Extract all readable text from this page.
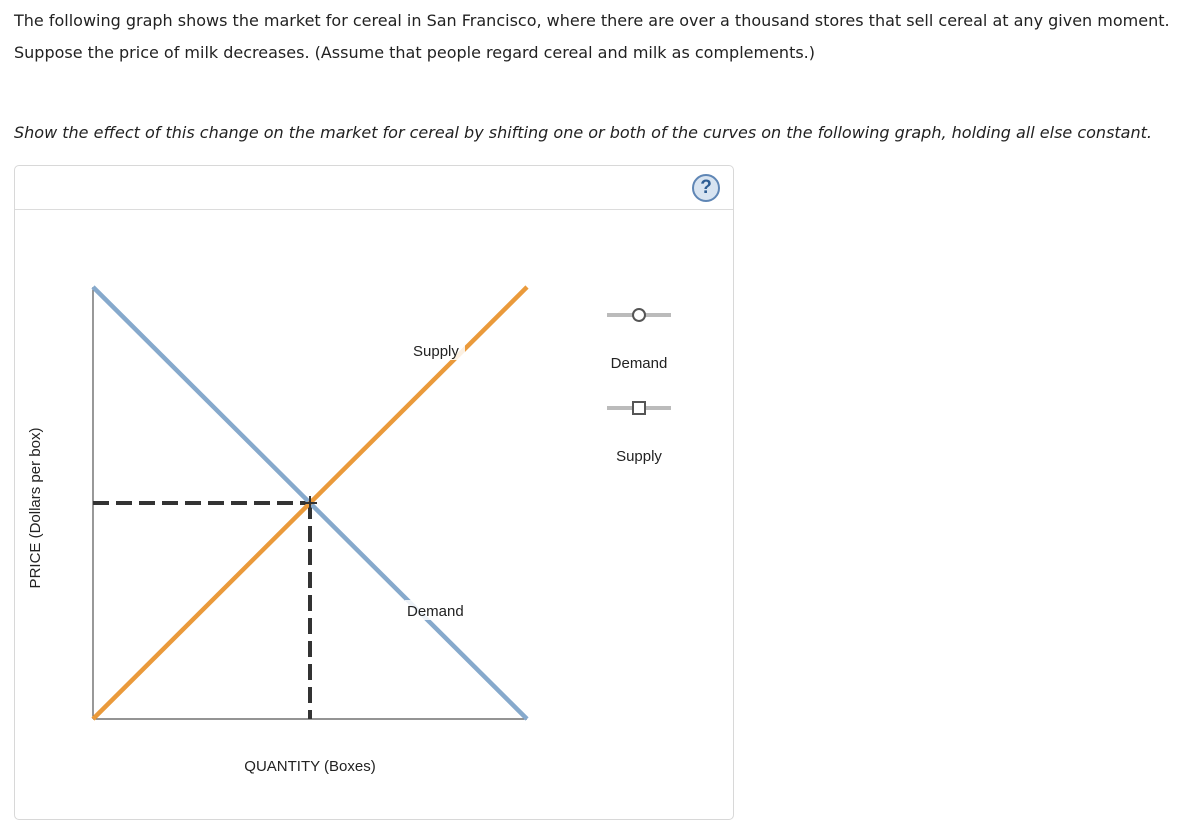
The following graph shows the market for cereal in San Francisco, where there are over a thousand stores that sell cereal at any given moment.

Suppose the price of milk decreases. (Assume that people regard cereal and milk as complements.)

Show the effect of this change on the market for cereal by shifting one or both of the curves on the following graph, holding all else constant.

?
Supply
Demand
QUANTITY (Boxes)
PRICE (Dollars per box)
Demand
Supply
